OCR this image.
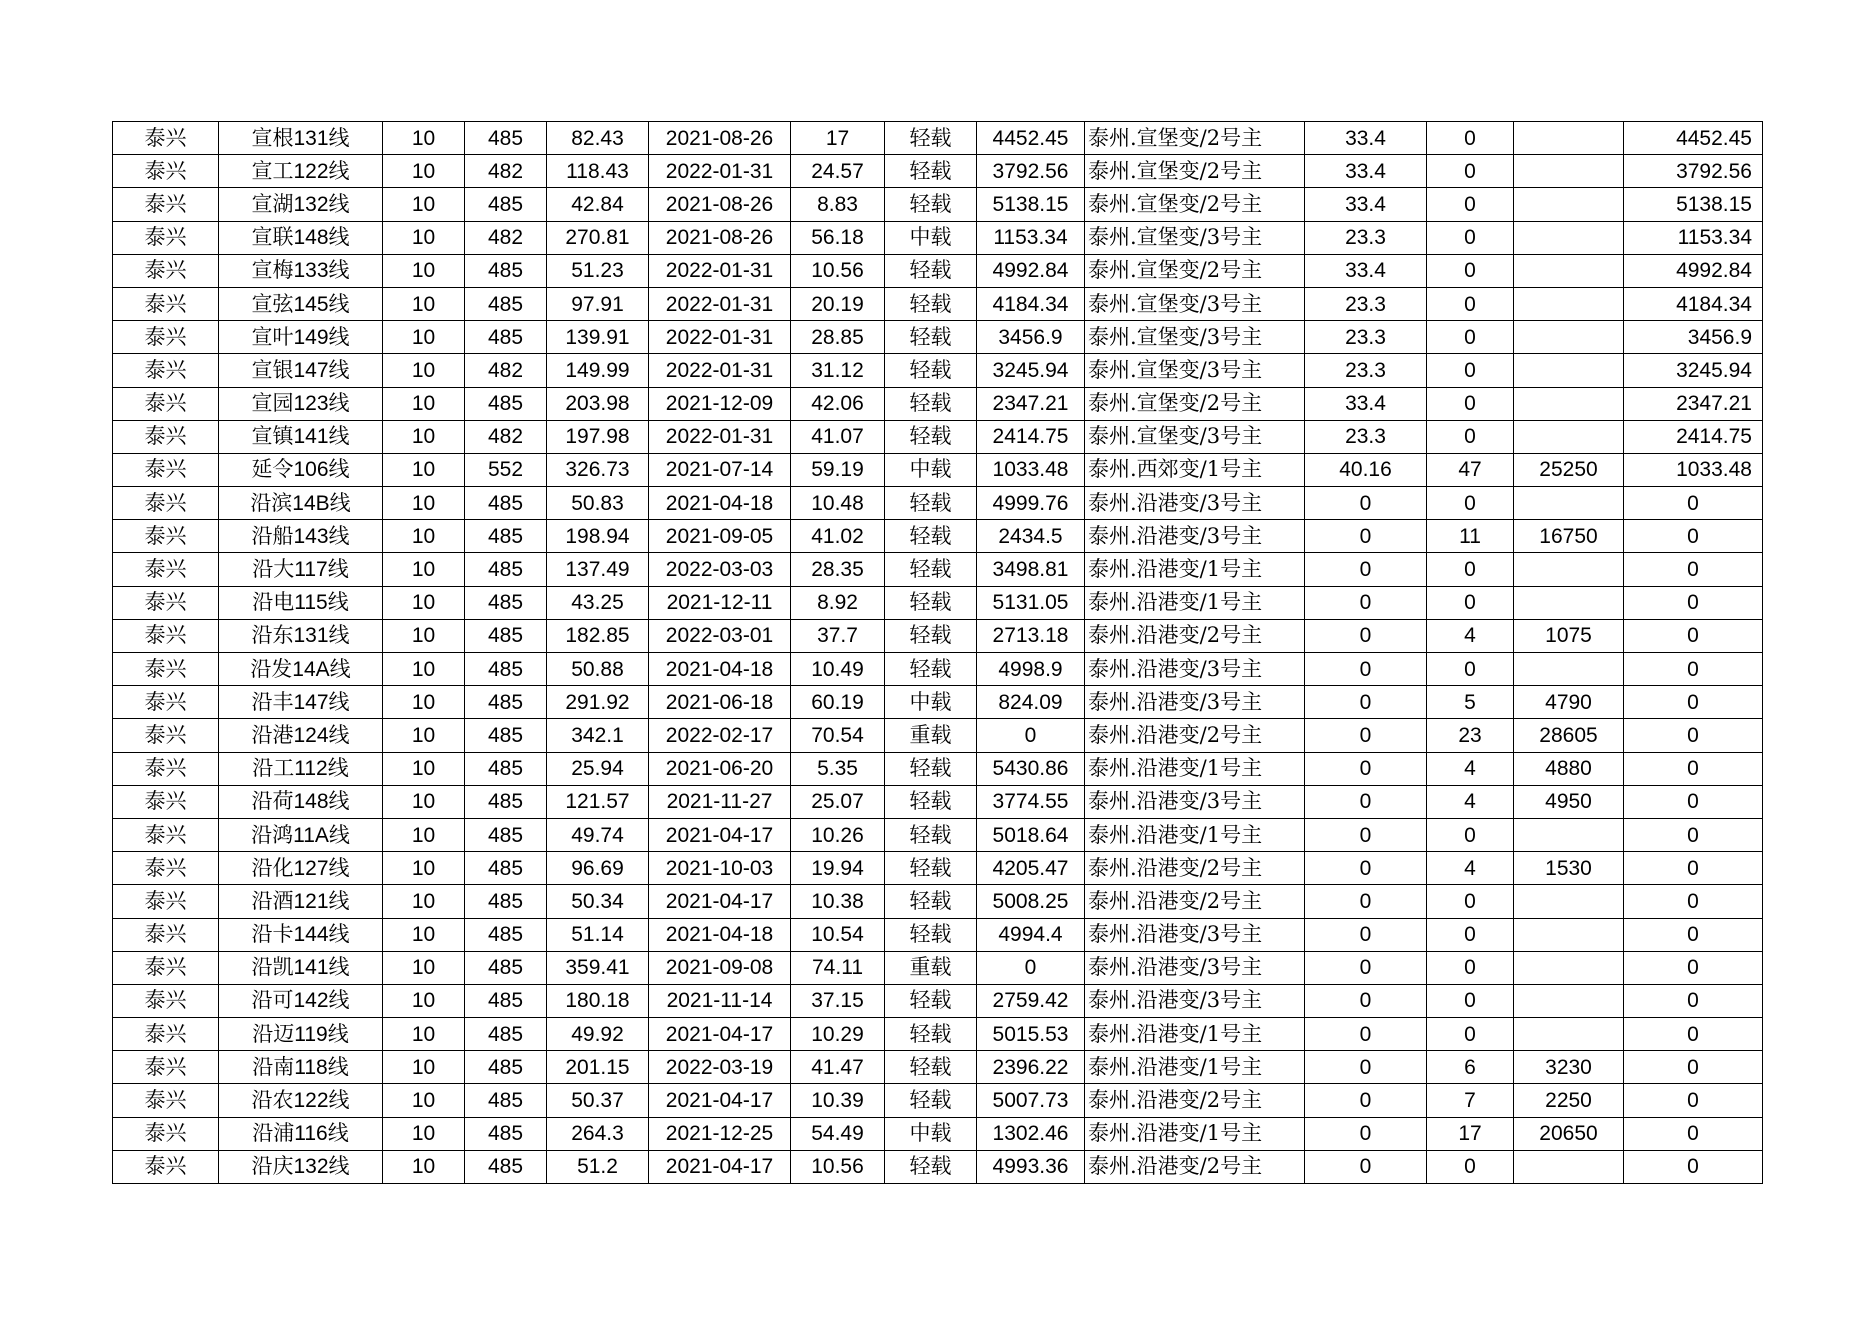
泰兴	宣根131线	10	485	82.43	2021-08-26	17	轻载	4452.45	泰州.宣堡变/2号主	33.4	0		4452.45
泰兴	宣工122线	10	482	118.43	2022-01-31	24.57	轻载	3792.56	泰州.宣堡变/2号主	33.4	0		3792.56
泰兴	宣湖132线	10	485	42.84	2021-08-26	8.83	轻载	5138.15	泰州.宣堡变/2号主	33.4	0		5138.15
泰兴	宣联148线	10	482	270.81	2021-08-26	56.18	中载	1153.34	泰州.宣堡变/3号主	23.3	0		1153.34
泰兴	宣梅133线	10	485	51.23	2022-01-31	10.56	轻载	4992.84	泰州.宣堡变/2号主	33.4	0		4992.84
泰兴	宣弦145线	10	485	97.91	2022-01-31	20.19	轻载	4184.34	泰州.宣堡变/3号主	23.3	0		4184.34
泰兴	宣叶149线	10	485	139.91	2022-01-31	28.85	轻载	3456.9	泰州.宣堡变/3号主	23.3	0		3456.9
泰兴	宣银147线	10	482	149.99	2022-01-31	31.12	轻载	3245.94	泰州.宣堡变/3号主	23.3	0		3245.94
泰兴	宣园123线	10	485	203.98	2021-12-09	42.06	轻载	2347.21	泰州.宣堡变/2号主	33.4	0		2347.21
泰兴	宣镇141线	10	482	197.98	2022-01-31	41.07	轻载	2414.75	泰州.宣堡变/3号主	23.3	0		2414.75
泰兴	延令106线	10	552	326.73	2021-07-14	59.19	中载	1033.48	泰州.西郊变/1号主	40.16	47	25250	1033.48
泰兴	沿滨14B线	10	485	50.83	2021-04-18	10.48	轻载	4999.76	泰州.沿港变/3号主	0	0		0
泰兴	沿船143线	10	485	198.94	2021-09-05	41.02	轻载	2434.5	泰州.沿港变/3号主	0	11	16750	0
泰兴	沿大117线	10	485	137.49	2022-03-03	28.35	轻载	3498.81	泰州.沿港变/1号主	0	0		0
泰兴	沿电115线	10	485	43.25	2021-12-11	8.92	轻载	5131.05	泰州.沿港变/1号主	0	0		0
泰兴	沿东131线	10	485	182.85	2022-03-01	37.7	轻载	2713.18	泰州.沿港变/2号主	0	4	1075	0
泰兴	沿发14A线	10	485	50.88	2021-04-18	10.49	轻载	4998.9	泰州.沿港变/3号主	0	0		0
泰兴	沿丰147线	10	485	291.92	2021-06-18	60.19	中载	824.09	泰州.沿港变/3号主	0	5	4790	0
泰兴	沿港124线	10	485	342.1	2022-02-17	70.54	重载	0	泰州.沿港变/2号主	0	23	28605	0
泰兴	沿工112线	10	485	25.94	2021-06-20	5.35	轻载	5430.86	泰州.沿港变/1号主	0	4	4880	0
泰兴	沿荷148线	10	485	121.57	2021-11-27	25.07	轻载	3774.55	泰州.沿港变/3号主	0	4	4950	0
泰兴	沿鸿11A线	10	485	49.74	2021-04-17	10.26	轻载	5018.64	泰州.沿港变/1号主	0	0		0
泰兴	沿化127线	10	485	96.69	2021-10-03	19.94	轻载	4205.47	泰州.沿港变/2号主	0	4	1530	0
泰兴	沿酒121线	10	485	50.34	2021-04-17	10.38	轻载	5008.25	泰州.沿港变/2号主	0	0		0
泰兴	沿卡144线	10	485	51.14	2021-04-18	10.54	轻载	4994.4	泰州.沿港变/3号主	0	0		0
泰兴	沿凯141线	10	485	359.41	2021-09-08	74.11	重载	0	泰州.沿港变/3号主	0	0		0
泰兴	沿可142线	10	485	180.18	2021-11-14	37.15	轻载	2759.42	泰州.沿港变/3号主	0	0		0
泰兴	沿迈119线	10	485	49.92	2021-04-17	10.29	轻载	5015.53	泰州.沿港变/1号主	0	0		0
泰兴	沿南118线	10	485	201.15	2022-03-19	41.47	轻载	2396.22	泰州.沿港变/1号主	0	6	3230	0
泰兴	沿农122线	10	485	50.37	2021-04-17	10.39	轻载	5007.73	泰州.沿港变/2号主	0	7	2250	0
泰兴	沿浦116线	10	485	264.3	2021-12-25	54.49	中载	1302.46	泰州.沿港变/1号主	0	17	20650	0
泰兴	沿庆132线	10	485	51.2	2021-04-17	10.56	轻载	4993.36	泰州.沿港变/2号主	0	0		0
